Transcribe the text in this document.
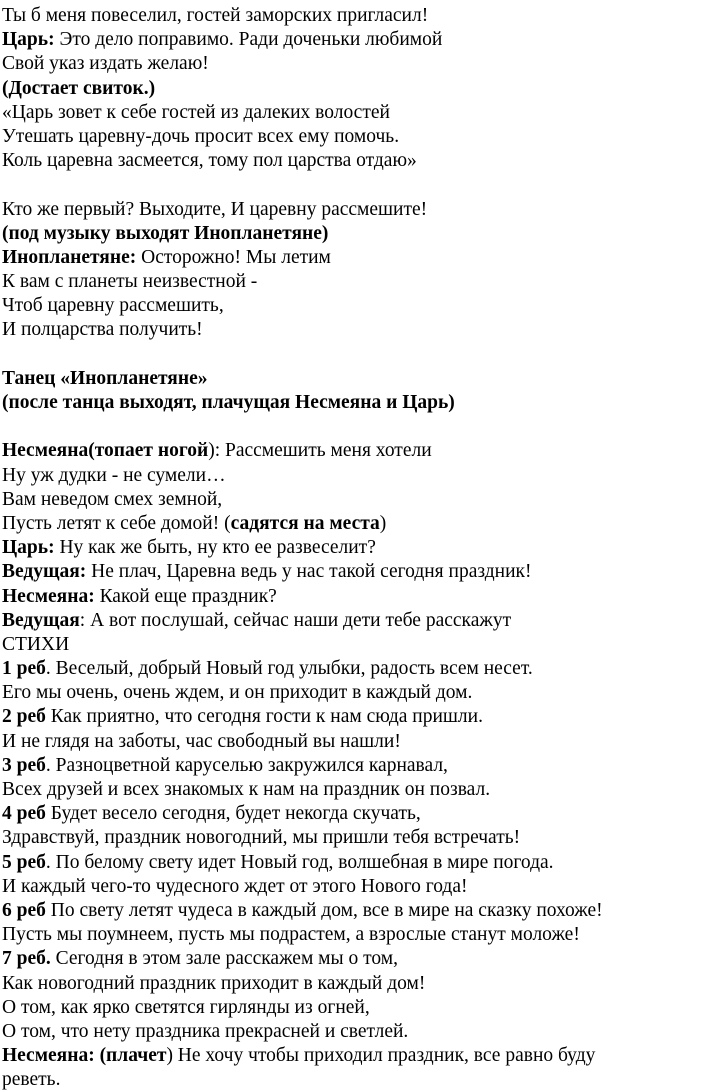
Ты б меня повеселил, гостей заморских пригласил!
Царь: Это дело поправимо. Ради доченьки любимой
Свой указ издать желаю!
(Достает свиток.)
«Царь зовет к себе гостей из далеких волостей
Утешать царевну-дочь просит всех ему помочь.
Коль царевна засмеется, тому пол царства отдаю»
Кто же первый? Выходите, И царевну рассмешите!
(под музыку выходят Инопланетяне)
Инопланетяне: Осторожно! Мы летим
К вам с планеты неизвестной -
Чтоб царевну рассмешить,
И полцарства получить!
Танец «Инопланетяне»
(после танца выходят, плачущая Несмеяна и Царь)
Несмеяна(топает ногой): Рассмешить меня хотели
Ну уж дудки - не сумели…
Вам неведом смех земной,
Пусть летят к себе домой! (садятся на места)
Царь: Ну как же быть, ну кто ее развеселит?
Ведущая: Не плач, Царевна ведь у нас такой сегодня праздник!
Несмеяна: Какой еще праздник?
Ведущая: А вот послушай, сейчас наши дети тебе расскажут
СТИХИ
1 реб. Веселый, добрый Новый год улыбки, радость всем несет.
Его мы очень, очень ждем, и он приходит в каждый дом.
2 реб Как приятно, что сегодня гости к нам сюда пришли.
И не глядя на заботы, час свободный вы нашли!
3 реб. Разноцветной каруселью закружился карнавал,
Всех друзей и всех знакомых к нам на праздник он позвал.
4 реб Будет весело сегодня, будет некогда скучать,
Здравствуй, праздник новогодний, мы пришли тебя встречать!
5 реб. По белому свету идет Новый год, волшебная в мире погода.
И каждый чего-то чудесного ждет от этого Нового года!
6 реб По свету летят чудеса в каждый дом, все в мире на сказку похоже!
Пусть мы поумнеем, пусть мы подрастем, а взрослые станут моложе!
7 реб. Сегодня в этом зале расскажем мы о том,
Как новогодний праздник приходит в каждый дом!
О том, как ярко светятся гирлянды из огней,
О том, что нету праздника прекрасней и светлей.
Несмеяна: (плачет) Не хочу чтобы приходил праздник, все равно буду
реветь.
